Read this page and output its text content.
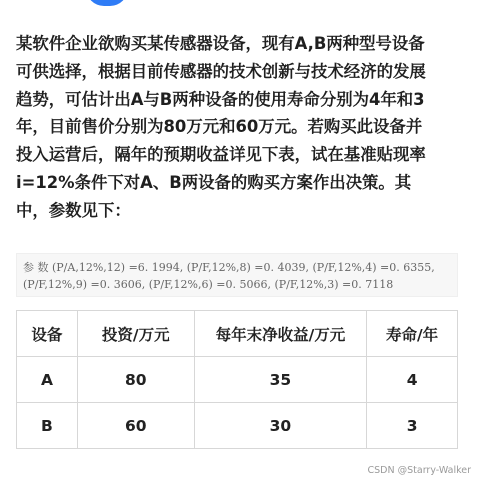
某软件企业欲购买某传感器设备，现有A,B两种型号设备
可供选择，根据目前传感器的技术创新与技术经济的发展
趋势，可估计出A与B两种设备的使用寿命分别为4年和3
年，目前售价分别为80万元和60万元。若购买此设备并
投入运营后，隔年的预期收益详见下表，试在基准贴现率
i=12%条件下对A、B两设备的购买方案作出决策。其
中，参数见下：
参 数 (P/A,12%,12) =6. 1994, (P/F,12%,8) =0. 4039, (P/F,12%,4) =0. 6355,
(P/F,12%,9) =0. 3606, (P/F,12%,6) =0. 5066, (P/F,12%,3) =0. 7118
设备	投资/万元	每年末净收益/万元	寿命/年
A	80	35	4
B	60	30	3
CSDN @Starry-Walker
